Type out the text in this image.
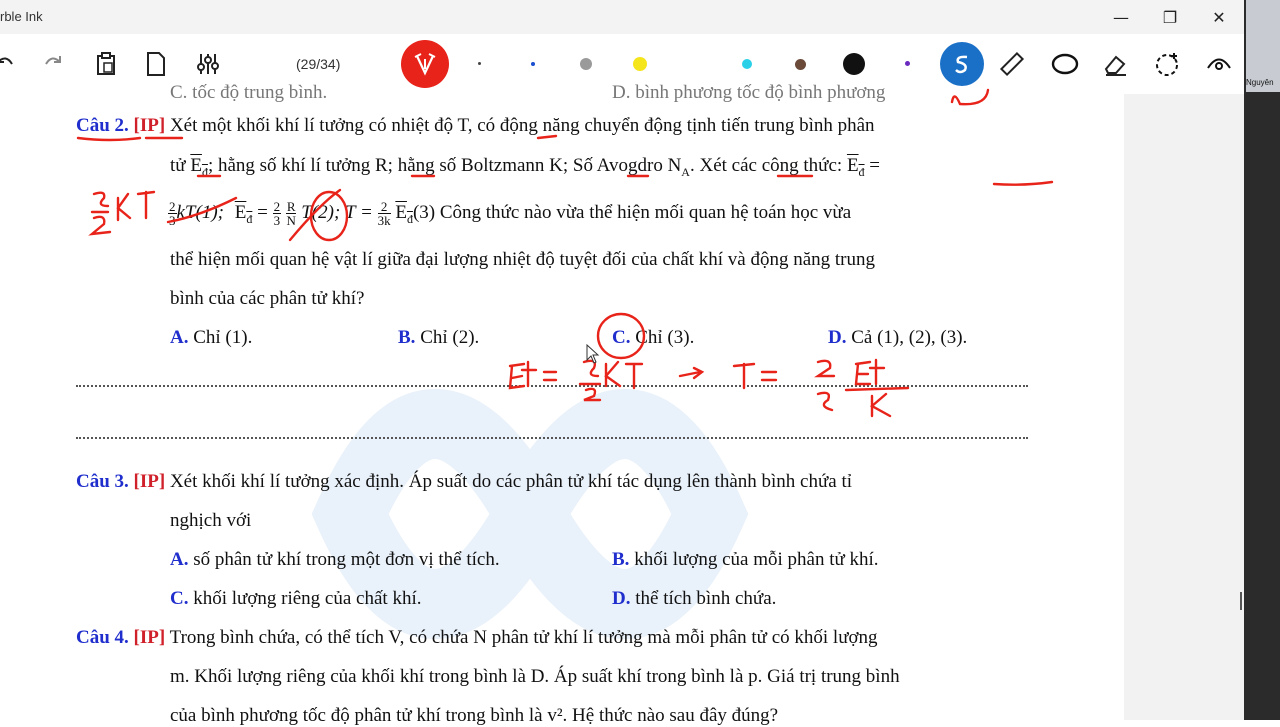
rble Ink	—	❐	✕
(29/34)
Nguyên
C. tốc độ trung bình.	D. bình phương tốc độ bình phương
Câu 2. [IP] Xét một khối khí lí tưởng có nhiệt độ T, có động năng chuyển động tịnh tiến trung bình phân
tử $E_đ$; hằng số khí lí tưởng R; hằng số Boltzmann K; Số Avogdro $N_A$. Xét các công thức: $E_đ$ =
$\frac{2}{3} kT(1)$; $E_đ = \frac{2}{3}$
$\frac{R}{N} T(2)$; $T = \frac{2}{3k} E_đ(3)$ Công thức nào vừa thể hiện mối quan hệ toán học vừa
thể hiện mối quan hệ vật lí giữa đại lượng nhiệt độ tuyệt đối của chất khí và động năng trung
bình của các phân tử khí?
A. Chỉ (1).	B. Chỉ (2).	C. Chỉ (3).	D. Cả (1), (2), (3).
Câu 3. [IP] Xét khối khí lí tưởng xác định. Áp suất do các phân tử khí tác dụng lên thành bình chứa tỉ
nghịch với
A. số phân tử khí trong một đơn vị thể tích.	B. khối lượng của mỗi phân tử khí.
C. khối lượng riêng của chất khí.	D. thể tích bình chứa.
Câu 4. [IP] Trong bình chứa, có thể tích V, có chứa N phân tử khí lí tưởng mà mỗi phân tử có khối lượng
m. Khối lượng riêng của khối khí trong bình là D. Áp suất khí trong bình là p. Giá trị trung bình
của bình phương tốc độ phân tử khí trong bình là v². Hệ thức nào sau đây đúng?
